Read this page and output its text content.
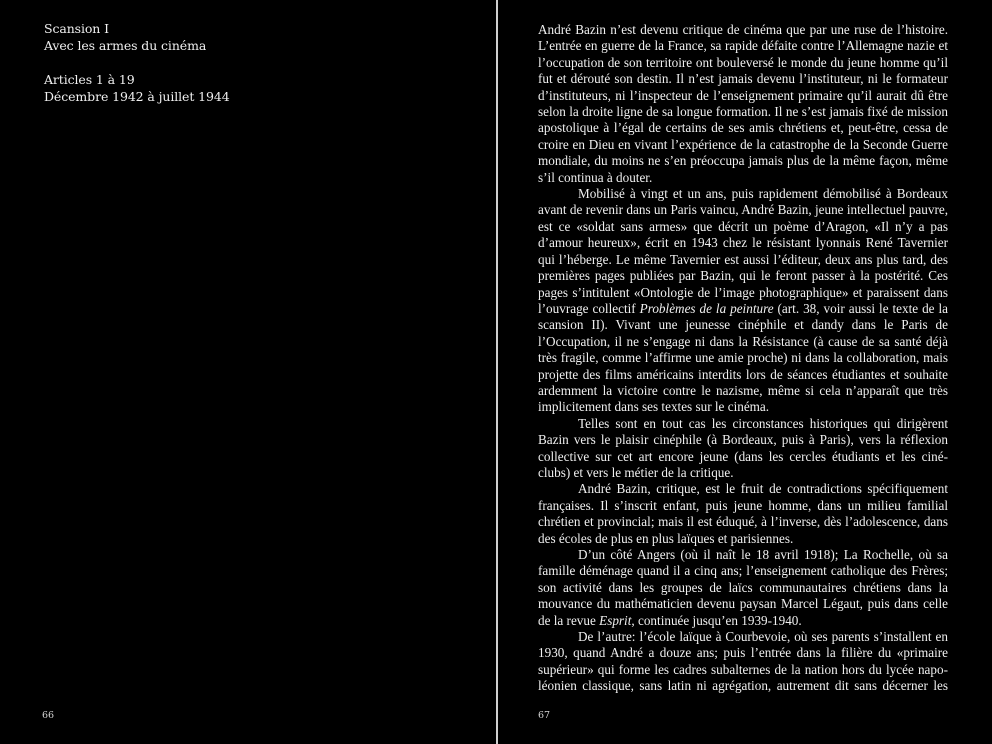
Scansion I
Avec les armes du cinéma
Articles 1 à 19
Décembre 1942 à juillet 1944
66

André Bazin n’est devenu critique de cinéma que par une ruse de l’histoire. L’entrée en guerre de la France, sa rapide défaite contre l’Allemagne nazie et l’occupation de son territoire ont bouleversé le monde du jeune homme qu’il fut et dérouté son destin. Il n’est jamais devenu l’instituteur, ni le formateur d’instituteurs, ni l’inspecteur de l’enseignement primaire qu’il aurait dû être selon la droite ligne de sa longue formation. Il ne s’est jamais fixé de mission apostolique à l’égal de certains de ses amis chrétiens et, peut-être, cessa de croire en Dieu en vivant l’expérience de la catastrophe de la Seconde Guerre mondiale, du moins ne s’en préoccupa jamais plus de la même façon, même s’il continua à douter.

Mobilisé à vingt et un ans, puis rapidement démobilisé à Bordeaux avant de revenir dans un Paris vaincu, André Bazin, jeune intellectuel pauvre, est ce «soldat sans armes» que décrit un poème d’Aragon, «Il n’y a pas d’amour heureux», écrit en 1943 chez le résistant lyonnais René Tavernier qui l’héberge. Le même Tavernier est aussi l’éditeur, deux ans plus tard, des premières pages publiées par Bazin, qui le feront passer à la postérité. Ces pages s’intitulent «Ontologie de l’image photographique» et paraissent dans l’ouvrage collectif Problèmes de la peinture (art. 38, voir aussi le texte de la scansion II). Vivant une jeunesse cinéphile et dandy dans le Paris de l’Occupation, il ne s’engage ni dans la Résistance (à cause de sa santé déjà très fragile, comme l’affirme une amie proche) ni dans la collaboration, mais projette des films américains interdits lors de séances étudiantes et souhaite ardemment la victoire contre le nazisme, même si cela n’apparaît que très implicitement dans ses textes sur le cinéma.

Telles sont en tout cas les circonstances historiques qui dirigèrent Bazin vers le plaisir cinéphile (à Bordeaux, puis à Paris), vers la réflexion collective sur cet art encore jeune (dans les cercles étudiants et les ciné-clubs) et vers le métier de la critique.

André Bazin, critique, est le fruit de contradictions spécifiquement françaises. Il s’inscrit enfant, puis jeune homme, dans un milieu familial chrétien et provincial; mais il est éduqué, à l’inverse, dès l’adolescence, dans des écoles de plus en plus laïques et parisiennes.

D’un côté Angers (où il naît le 18 avril 1918); La Rochelle, où sa famille déménage quand il a cinq ans; l’enseignement catholique des Frères; son activité dans les groupes de laïcs communautaires chrétiens dans la mouvance du mathématicien devenu paysan Marcel Légaut, puis dans celle de la revue Esprit, continuée jusqu’en 1939-1940.

De l’autre: l’école laïque à Courbevoie, où ses parents s’installent en 1930, quand André a douze ans; puis l’entrée dans la filière du «primaire supérieur» qui forme les cadres subalternes de la nation hors du lycée napoléonien classique, sans latin ni agrégation, autrement dit sans décerner les

67
